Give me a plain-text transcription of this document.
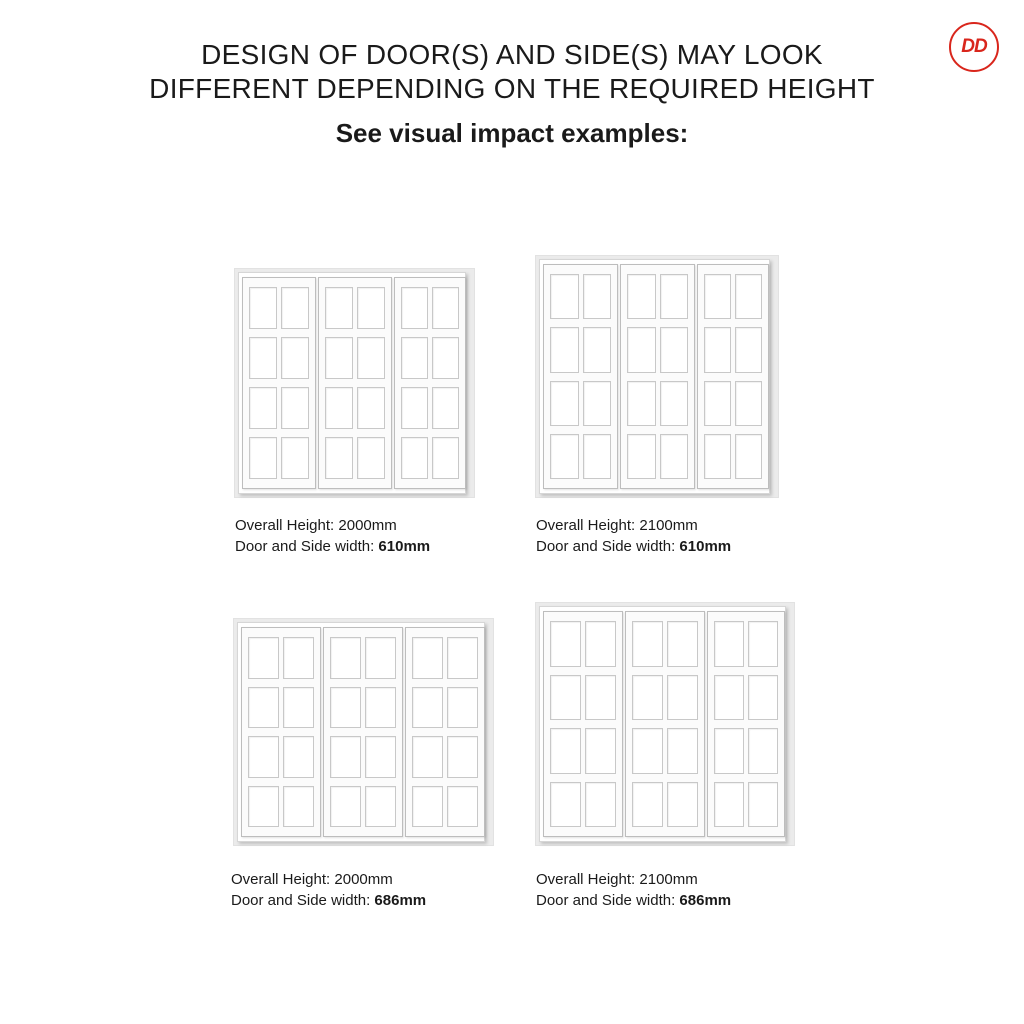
DESIGN OF DOOR(S) AND SIDE(S) MAY LOOK
DIFFERENT DEPENDING ON THE REQUIRED HEIGHT
See visual impact examples:
DD
Overall Height: 2000mm
Door and Side width: 610mm
Overall Height: 2100mm
Door and Side width: 610mm
Overall Height: 2000mm
Door and Side width: 686mm
Overall Height: 2100mm
Door and Side width: 686mm
